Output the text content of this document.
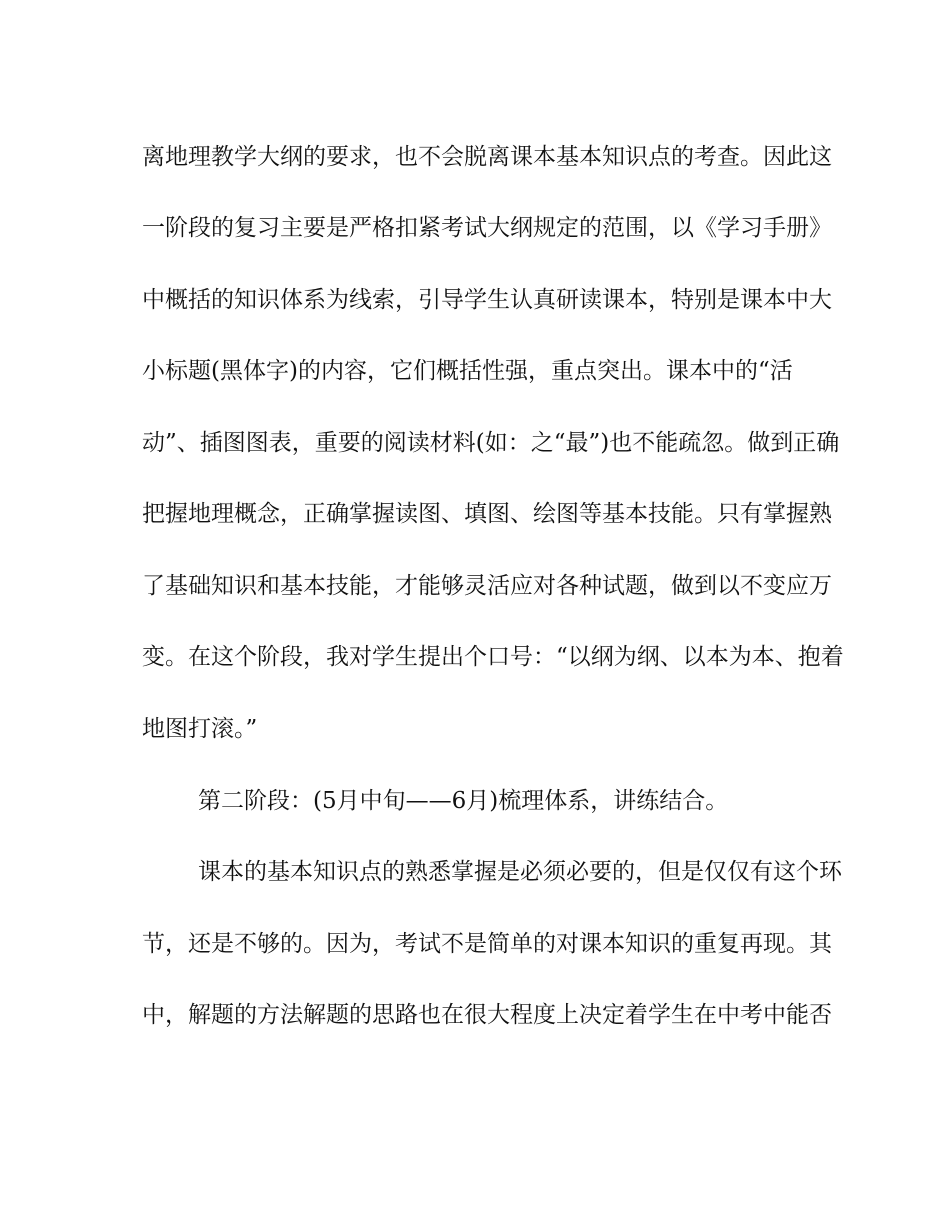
离地理教学大纲的要求，也不会脱离课本基本知识点的考查。因此这
一阶段的复习主要是严格扣紧考试大纲规定的范围，以《学习手册》
中概括的知识体系为线索，引导学生认真研读课本，特别是课本中大
小标题(黑体字)的内容，它们概括性强，重点突出。课本中的“活
动”、插图图表，重要的阅读材料(如：之“最”)也不能疏忽。做到正确
把握地理概念，正确掌握读图、填图、绘图等基本技能。只有掌握熟
了基础知识和基本技能，才能够灵活应对各种试题，做到以不变应万
变。在这个阶段，我对学生提出个口号：“以纲为纲、以本为本、抱着
地图打滚。”
第二阶段：(5月中旬——6月)梳理体系，讲练结合。
课本的基本知识点的熟悉掌握是必须必要的，但是仅仅有这个环
节，还是不够的。因为，考试不是简单的对课本知识的重复再现。其
中，解题的方法解题的思路也在很大程度上决定着学生在中考中能否
